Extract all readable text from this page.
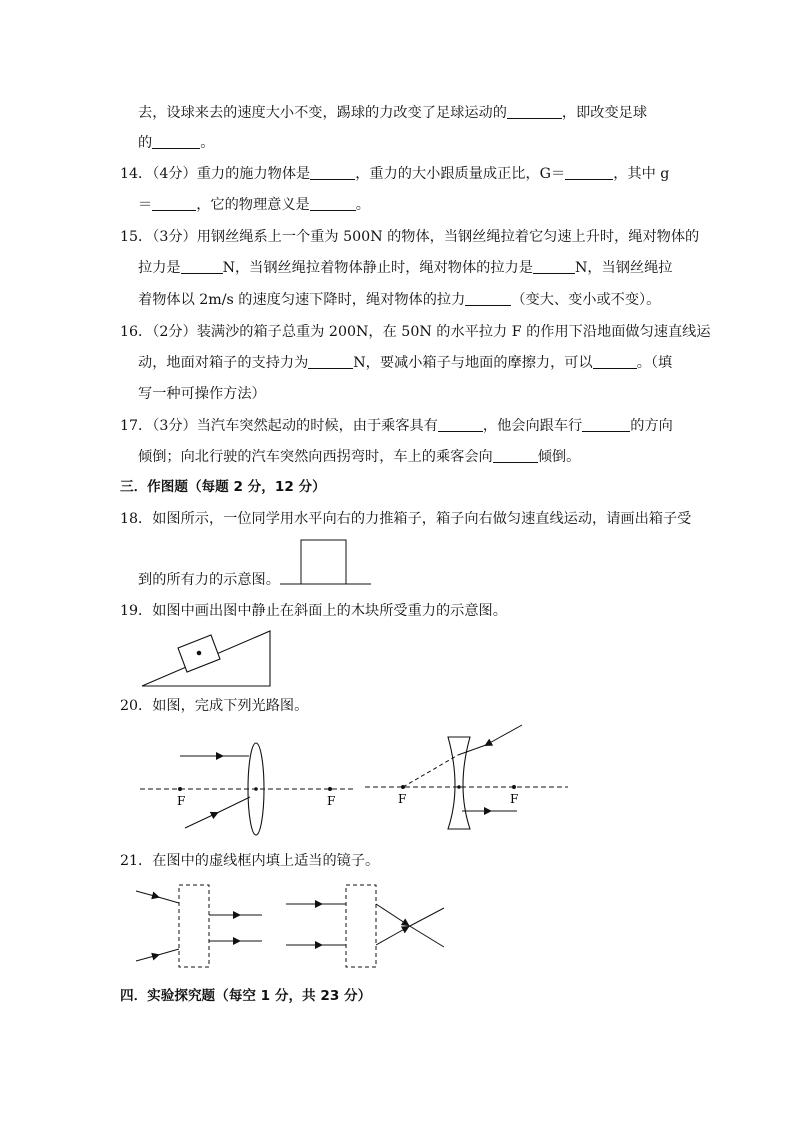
去，设球来去的速度大小不变，踢球的力改变了足球运动的	，即改变足球
的	。
14．（4分）重力的施力物体是	，重力的大小跟质量成正比，G＝	，其中 g
＝	，它的物理意义是	。
15．（3分）用钢丝绳系上一个重为 500N 的物体，当钢丝绳拉着它匀速上升时，绳对物体的
拉力是	N，当钢丝绳拉着物体静止时，绳对物体的拉力是	N，当钢丝绳拉
着物体以 2m/s 的速度匀速下降时，绳对物体的拉力	（变大、变小或不变）。
16．（2分）装满沙的箱子总重为 200N，在 50N 的水平拉力 F 的作用下沿地面做匀速直线运
动，地面对箱子的支持力为	N，要减小箱子与地面的摩擦力，可以	。（填
写一种可操作方法）
17．（3分）当汽车突然起动的时候，由于乘客具有	，他会向跟车行	的方向
倾倒；向北行驶的汽车突然向西拐弯时，车上的乘客会向	倾倒。
三．作图题（每题 2 分，12 分）
18．如图所示，一位同学用水平向右的力推箱子，箱子向右做匀速直线运动，请画出箱子受
到的所有力的示意图。
19．如图中画出图中静止在斜面上的木块所受重力的示意图。
20．如图，完成下列光路图。
F	F	F	F
21．在图中的虚线框内填上适当的镜子。
四．实验探究题（每空 1 分，共 23 分）
